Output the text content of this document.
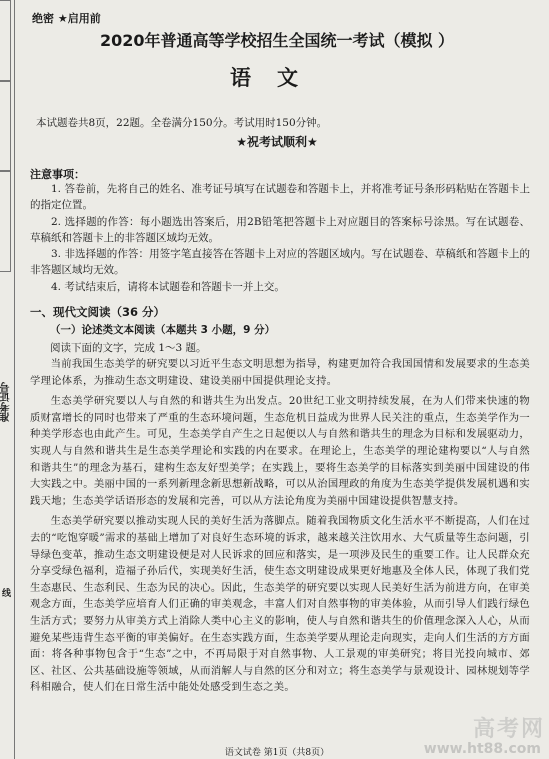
准考证号
线
绝密 ★启用前
2020年普通高等学校招生全国统一考试（模拟 ）
语文
本试题卷共8页，22题。全卷满分150分。考试用时150分钟。
★祝考试顺利★
注意事项：
1. 答卷前，先将自己的姓名、准考证号填写在试题卷和答题卡上，并将准考证号条形码粘贴在答题卡上的指定位置。
2. 选择题的作答：每小题选出答案后，用2B铅笔把答题卡上对应题目的答案标号涂黑。写在试题卷、草稿纸和答题卡上的非答题区域均无效。
3. 非选择题的作答：用签字笔直接答在答题卡上对应的答题区域内。写在试题卷、草稿纸和答题卡上的非答题区域均无效。
4. 考试结束后，请将本试题卷和答题卡一并上交。
一、现代文阅读（36 分）
（一）论述类文本阅读（本题共 3 小题，9 分）
阅读下面的文字，完成 1～3 题。

当前我国生态美学的研究要以习近平生态文明思想为指导，构建更加符合我国国情和发展要求的生态美学理论体系，为推动生态文明建设、建设美丽中国提供理论支持。

生态美学研究要以人与自然的和谐共生为出发点。20世纪工业文明持续发展，在为人们带来快速的物质财富增长的同时也带来了严重的生态环境问题，生态危机日益成为世界人民关注的重点，生态美学作为一种美学形态也由此产生。可见，生态美学自产生之日起便以人与自然和谐共生的理念为目标和发展驱动力，实现人与自然和谐共生是生态美学理论和实践的内在要求。在理论上，生态美学的理论建构要以“人与自然和谐共生”的理念为基石，建构生态友好型美学；在实践上，要将生态美学的目标落实到美丽中国建设的伟大实践之中。美丽中国的一系列新理念新思想新战略，可以从治国理政的角度为生态美学提供发展机遇和实践天地；生态美学话语形态的发展和完善，可以从方法论角度为美丽中国建设提供智慧支持。

生态美学研究要以推动实现人民的美好生活为落脚点。随着我国物质文化生活水平不断提高，人们在过去的“吃饱穿暖”需求的基础上增加了对良好生态环境的诉求，越来越关注饮用水、大气质量等生态问题，引导绿色变革，推动生态文明建设便是对人民诉求的回应和落实，是一项涉及民生的重要工作。让人民群众充分享受绿色福利，造福子孙后代，实现美好生活，使生态文明建设成果更好地惠及全体人民，体现了我们党生态惠民、生态利民、生态为民的决心。因此，生态美学的研究要以实现人民美好生活为前进方向，在审美观念方面，生态美学应培育人们正确的审美观念，丰富人们对自然事物的审美体验，从而引导人们践行绿色生活方式；要努力从审美方式上消除人类中心主义的影响，使人与自然和谐共生的价值理念深入人心，从而避免某些违背生态平衡的审美偏好。在生态实践方面，生态美学要从理论走向现实，走向人们生活的方方面面：将各种事物包含于“生态”之中，不再局限于对自然事物、人工景观的审美研究；将目光投向城市、郊区、社区、公共基础设施等领域，从而消解人与自然的区分和对立；将生态美学与景观设计、园林规划等学科相融合，使人们在日常生活中能处处感受到生态之美。

语文试卷 第1页（共8页）
高考网
www.ht88.com
